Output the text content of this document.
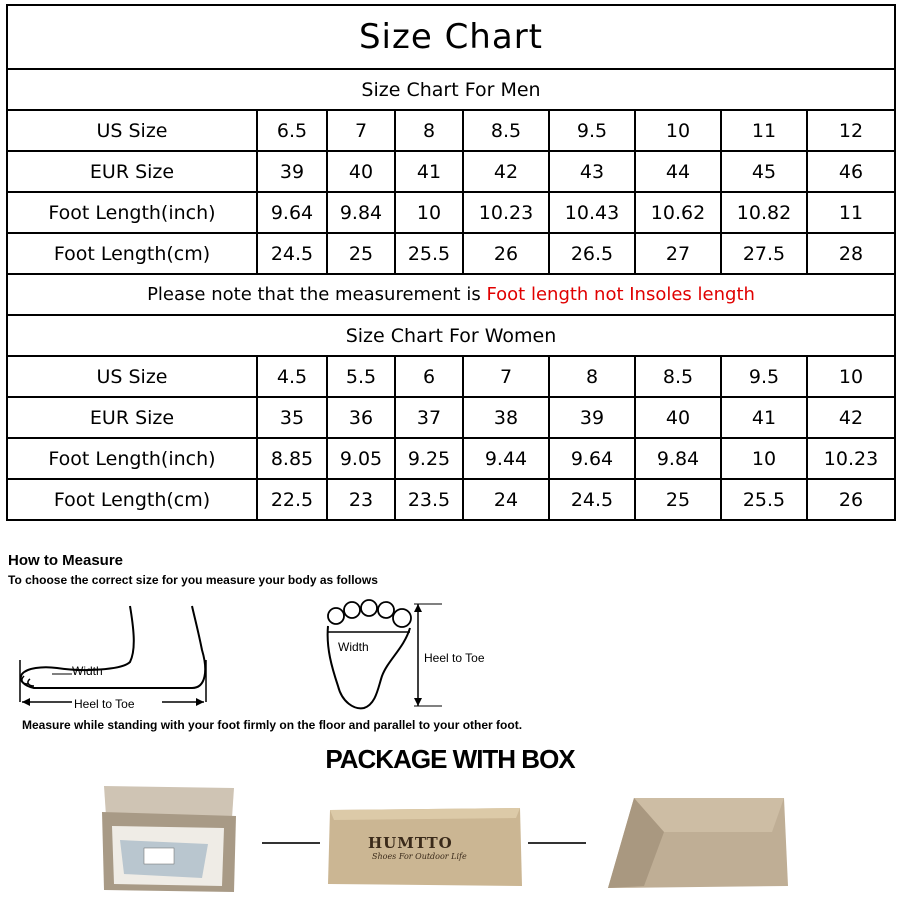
Size Chart								
Size Chart For Men								
US Size	6.5	7	8	8.5	9.5	10	11	12
EUR Size	39	40	41	42	43	44	45	46
Foot Length(inch)	9.64	9.84	10	10.23	10.43	10.62	10.82	11
Foot Length(cm)	24.5	25	25.5	26	26.5	27	27.5	28
Please note that the measurement is Foot length not Insoles length								
Size Chart For Women								
US Size	4.5	5.5	6	7	8	8.5	9.5	10
EUR Size	35	36	37	38	39	40	41	42
Foot Length(inch)	8.85	9.05	9.25	9.44	9.64	9.84	10	10.23
Foot Length(cm)	22.5	23	23.5	24	24.5	25	25.5	26
How to Measure
To choose the correct size for you measure your body as follows
Width
Heel to Toe
Width
Heel to Toe
Measure while standing with your foot firmly on the floor and parallel to your other foot.
PACKAGE WITH BOX
HUMTTO
Shoes For Outdoor Life
